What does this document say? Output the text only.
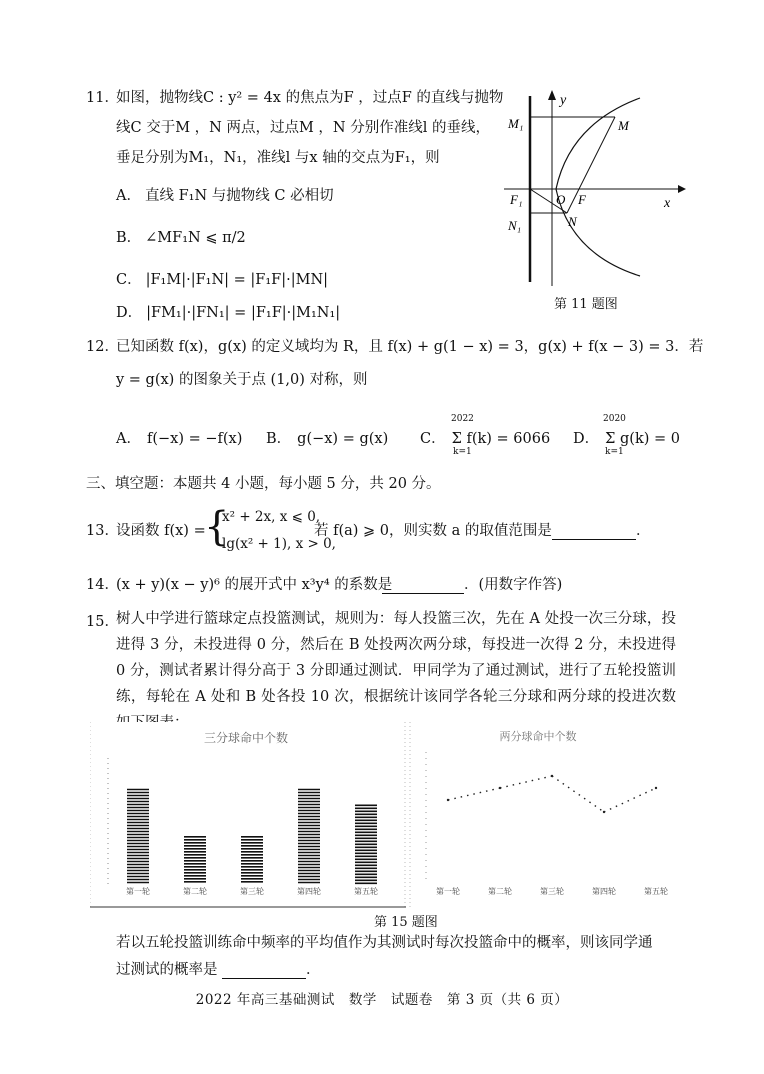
11．
如图，抛物线C : y² = 4x 的焦点为F ，过点F 的直线与抛物
线C 交于M ，N 两点，过点M ，N 分别作准线l 的垂线，
垂足分别为M₁，N₁，准线l 与x 轴的交点为F₁，则
A． 直线 F₁N 与抛物线 C 必相切
B． ∠MF₁N ⩽ π/2
C． |F₁M|·|F₁N| = |F₁F|·|MN|
D． |FM₁|·|FN₁| = |F₁F|·|M₁N₁|
y
x
M₁	M
F₁	O F
N₁	N
第 11 题图
12．
已知函数 f(x)，g(x) 的定义域均为 R，且 f(x) + g(1 − x) = 3，g(x) + f(x − 3) = 3．若
y = g(x) 的图象关于点 (1,0) 对称，则
A． f(−x) = −f(x) B． g(−x) = g(x) C． Σ f(k) = 6066
2022
k=1
D． Σ g(k) = 0
2020
k=1
三、填空题：本题共 4 小题，每小题 5 分，共 20 分。
13．
设函数 f(x) =
{
x² + 2x, x ⩽ 0,
lg(x² + 1), x > 0,
若 f(a) ⩾ 0，则实数 a 的取值范围是	．
14．
(x + y)(x − y)⁶ 的展开式中 x³y⁴ 的系数是	．(用数字作答)
15．
树人中学进行篮球定点投篮测试，规则为：每人投篮三次，先在 A 处投一次三分球，投进得 3 分，未投进得 0 分，然后在 B 处投两次两分球，每投进一次得 2 分，未投进得 0 分，测试者累计得分高于 3 分即通过测试．甲同学为了通过测试，进行了五轮投篮训练，每轮在 A 处和 B 处各投 10 次，根据统计该同学各轮三分球和两分球的投进次数
三分球命中个数
第一轮	第二轮	第三轮	第四轮	第五轮
两分球命中个数
第一轮	第二轮	第三轮	第四轮	第五轮
第 15 题图
若以五轮投篮训练命中频率的平均值作为其测试时每次投篮命中的概率，则该同学通
过测试的概率是	．
2022 年高三基础测试　数学　试题卷　第 3 页（共 6 页）
